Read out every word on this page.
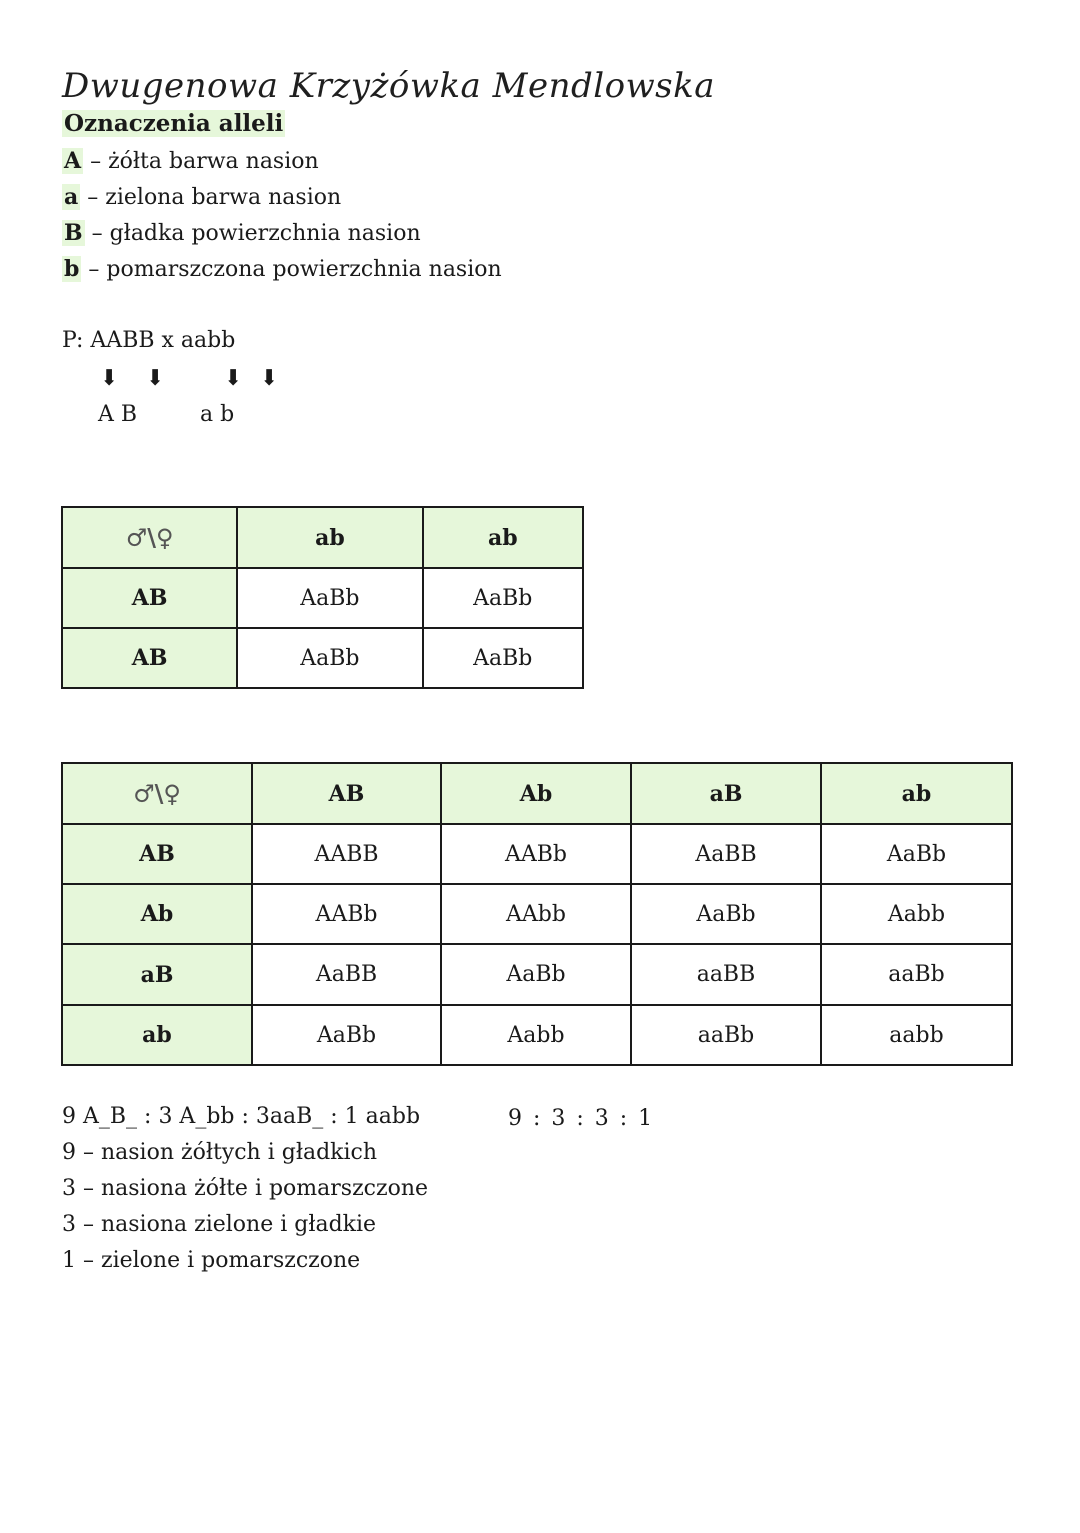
Dwugenowa Krzyżówka Mendlowska
Oznaczenia alleli
A – żółta barwa nasion
a – zielona barwa nasion
B – gładka powierzchnia nasion
b – pomarszczona powierzchnia nasion
P: AABB x aabb
⬇ ⬇	⬇ ⬇
A B	a b
♂\♀	ab	ab
AB	AaBb	AaBb
AB	AaBb	AaBb
♂\♀	AB	Ab	aB	ab
AB	AABB	AABb	AaBB	AaBb
Ab	AABb	AAbb	AaBb	Aabb
aB	AaBB	AaBb	aaBB	aaBb
ab	AaBb	Aabb	aaBb	aabb
9 A_B_ : 3 A_bb : 3aaB_ : 1 aabb	9 : 3 : 3 : 1
9 – nasion żółtych i gładkich
3 – nasiona żółte i pomarszczone
3 – nasiona zielone i gładkie
1 – zielone i pomarszczone
